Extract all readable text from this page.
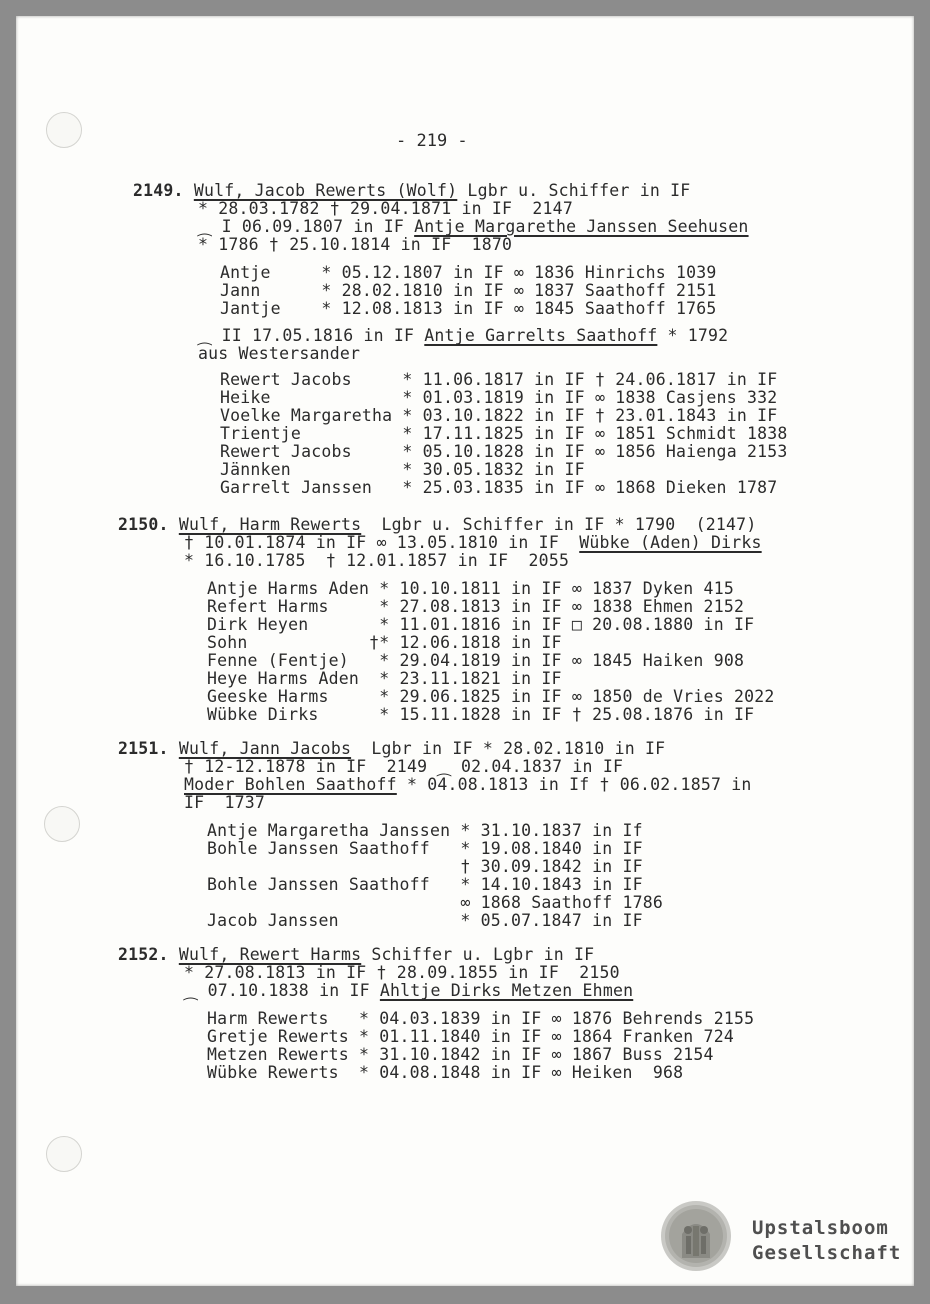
- 219 -
2149. Wulf, Jacob Rewerts (Wolf) Lgbr u. Schiffer in IF
* 28.03.1782 † 29.04.1871 in IF  2147
⁔ I 06.09.1807 in IF Antje Margarethe Janssen Seehusen
* 1786 † 25.10.1814 in IF  1870
Antje     * 05.12.1807 in IF ∞ 1836 Hinrichs 1039
Jann      * 28.02.1810 in IF ∞ 1837 Saathoff 2151
Jantje    * 12.08.1813 in IF ∞ 1845 Saathoff 1765
⁔ II 17.05.1816 in IF Antje Garrelts Saathoff * 1792
aus Westersander
Rewert Jacobs     * 11.06.1817 in IF † 24.06.1817 in IF
Heike             * 01.03.1819 in IF ∞ 1838 Casjens 332
Voelke Margaretha * 03.10.1822 in IF † 23.01.1843 in IF
Trientje          * 17.11.1825 in IF ∞ 1851 Schmidt 1838
Rewert Jacobs     * 05.10.1828 in IF ∞ 1856 Haienga 2153
Jännken           * 30.05.1832 in IF
Garrelt Janssen   * 25.03.1835 in IF ∞ 1868 Dieken 1787
2150. Wulf, Harm Rewerts  Lgbr u. Schiffer in IF * 1790  (2147)
† 10.01.1874 in IF ∞ 13.05.1810 in IF  Wübke (Aden) Dirks
* 16.10.1785  † 12.01.1857 in IF  2055
Antje Harms Aden * 10.10.1811 in IF ∞ 1837 Dyken 415
Refert Harms     * 27.08.1813 in IF ∞ 1838 Ehmen 2152
Dirk Heyen       * 11.01.1816 in IF □ 20.08.1880 in IF
Sohn            †* 12.06.1818 in IF
Fenne (Fentje)   * 29.04.1819 in IF ∞ 1845 Haiken 908
Heye Harms Aden  * 23.11.1821 in IF
Geeske Harms     * 29.06.1825 in IF ∞ 1850 de Vries 2022
Wübke Dirks      * 15.11.1828 in IF † 25.08.1876 in IF
2151. Wulf, Jann Jacobs  Lgbr in IF * 28.02.1810 in IF
† 12-12.1878 in IF  2149 ⁔ 02.04.1837 in IF
Moder Bohlen Saathoff * 04.08.1813 in If † 06.02.1857 in
IF  1737
Antje Margaretha Janssen * 31.10.1837 in If
Bohle Janssen Saathoff   * 19.08.1840 in IF
† 30.09.1842 in IF
Bohle Janssen Saathoff   * 14.10.1843 in IF
∞ 1868 Saathoff 1786
Jacob Janssen            * 05.07.1847 in IF
2152. Wulf, Rewert Harms Schiffer u. Lgbr in IF
* 27.08.1813 in IF † 28.09.1855 in IF  2150
⁔ 07.10.1838 in IF Ahltje Dirks Metzen Ehmen
Harm Rewerts   * 04.03.1839 in IF ∞ 1876 Behrends 2155
Gretje Rewerts * 01.11.1840 in IF ∞ 1864 Franken 724
Metzen Rewerts * 31.10.1842 in IF ∞ 1867 Buss 2154
Wübke Rewerts  * 04.08.1848 in IF ∞ Heiken  968
Upstalsboom
Gesellschaft
